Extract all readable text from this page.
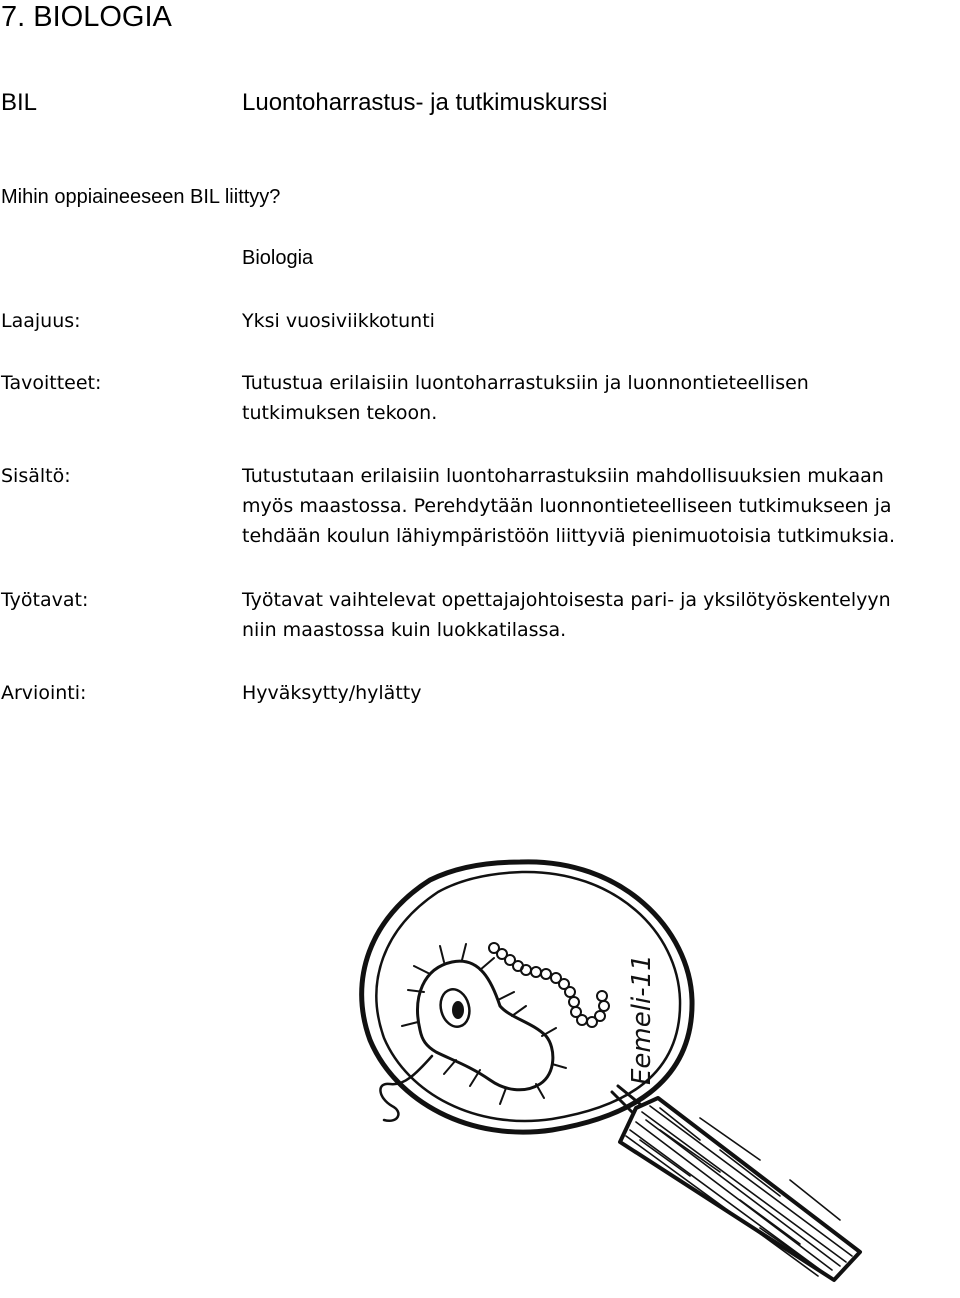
7. BIOLOGIA
BIL	Luontoharrastus- ja tutkimuskurssi
Mihin oppiaineeseen BIL liittyy?
Biologia
Laajuus:	Yksi vuosiviikkotunti
Tavoitteet:	Tutustua erilaisiin luontoharrastuksiin ja luonnontieteellisen
tutkimuksen tekoon.
Sisältö:	Tutustutaan erilaisiin luontoharrastuksiin mahdollisuuksien mukaan
myös maastossa. Perehdytään luonnontieteelliseen tutkimukseen ja
tehdään koulun lähiympäristöön liittyviä pienimuotoisia tutkimuksia.
Työtavat:	Työtavat vaihtelevat opettajajohtoisesta pari- ja yksilötyöskentelyyn
niin maastossa kuin luokkatilassa.
Arviointi:	Hyväksytty/hylätty
Eemeli-11
